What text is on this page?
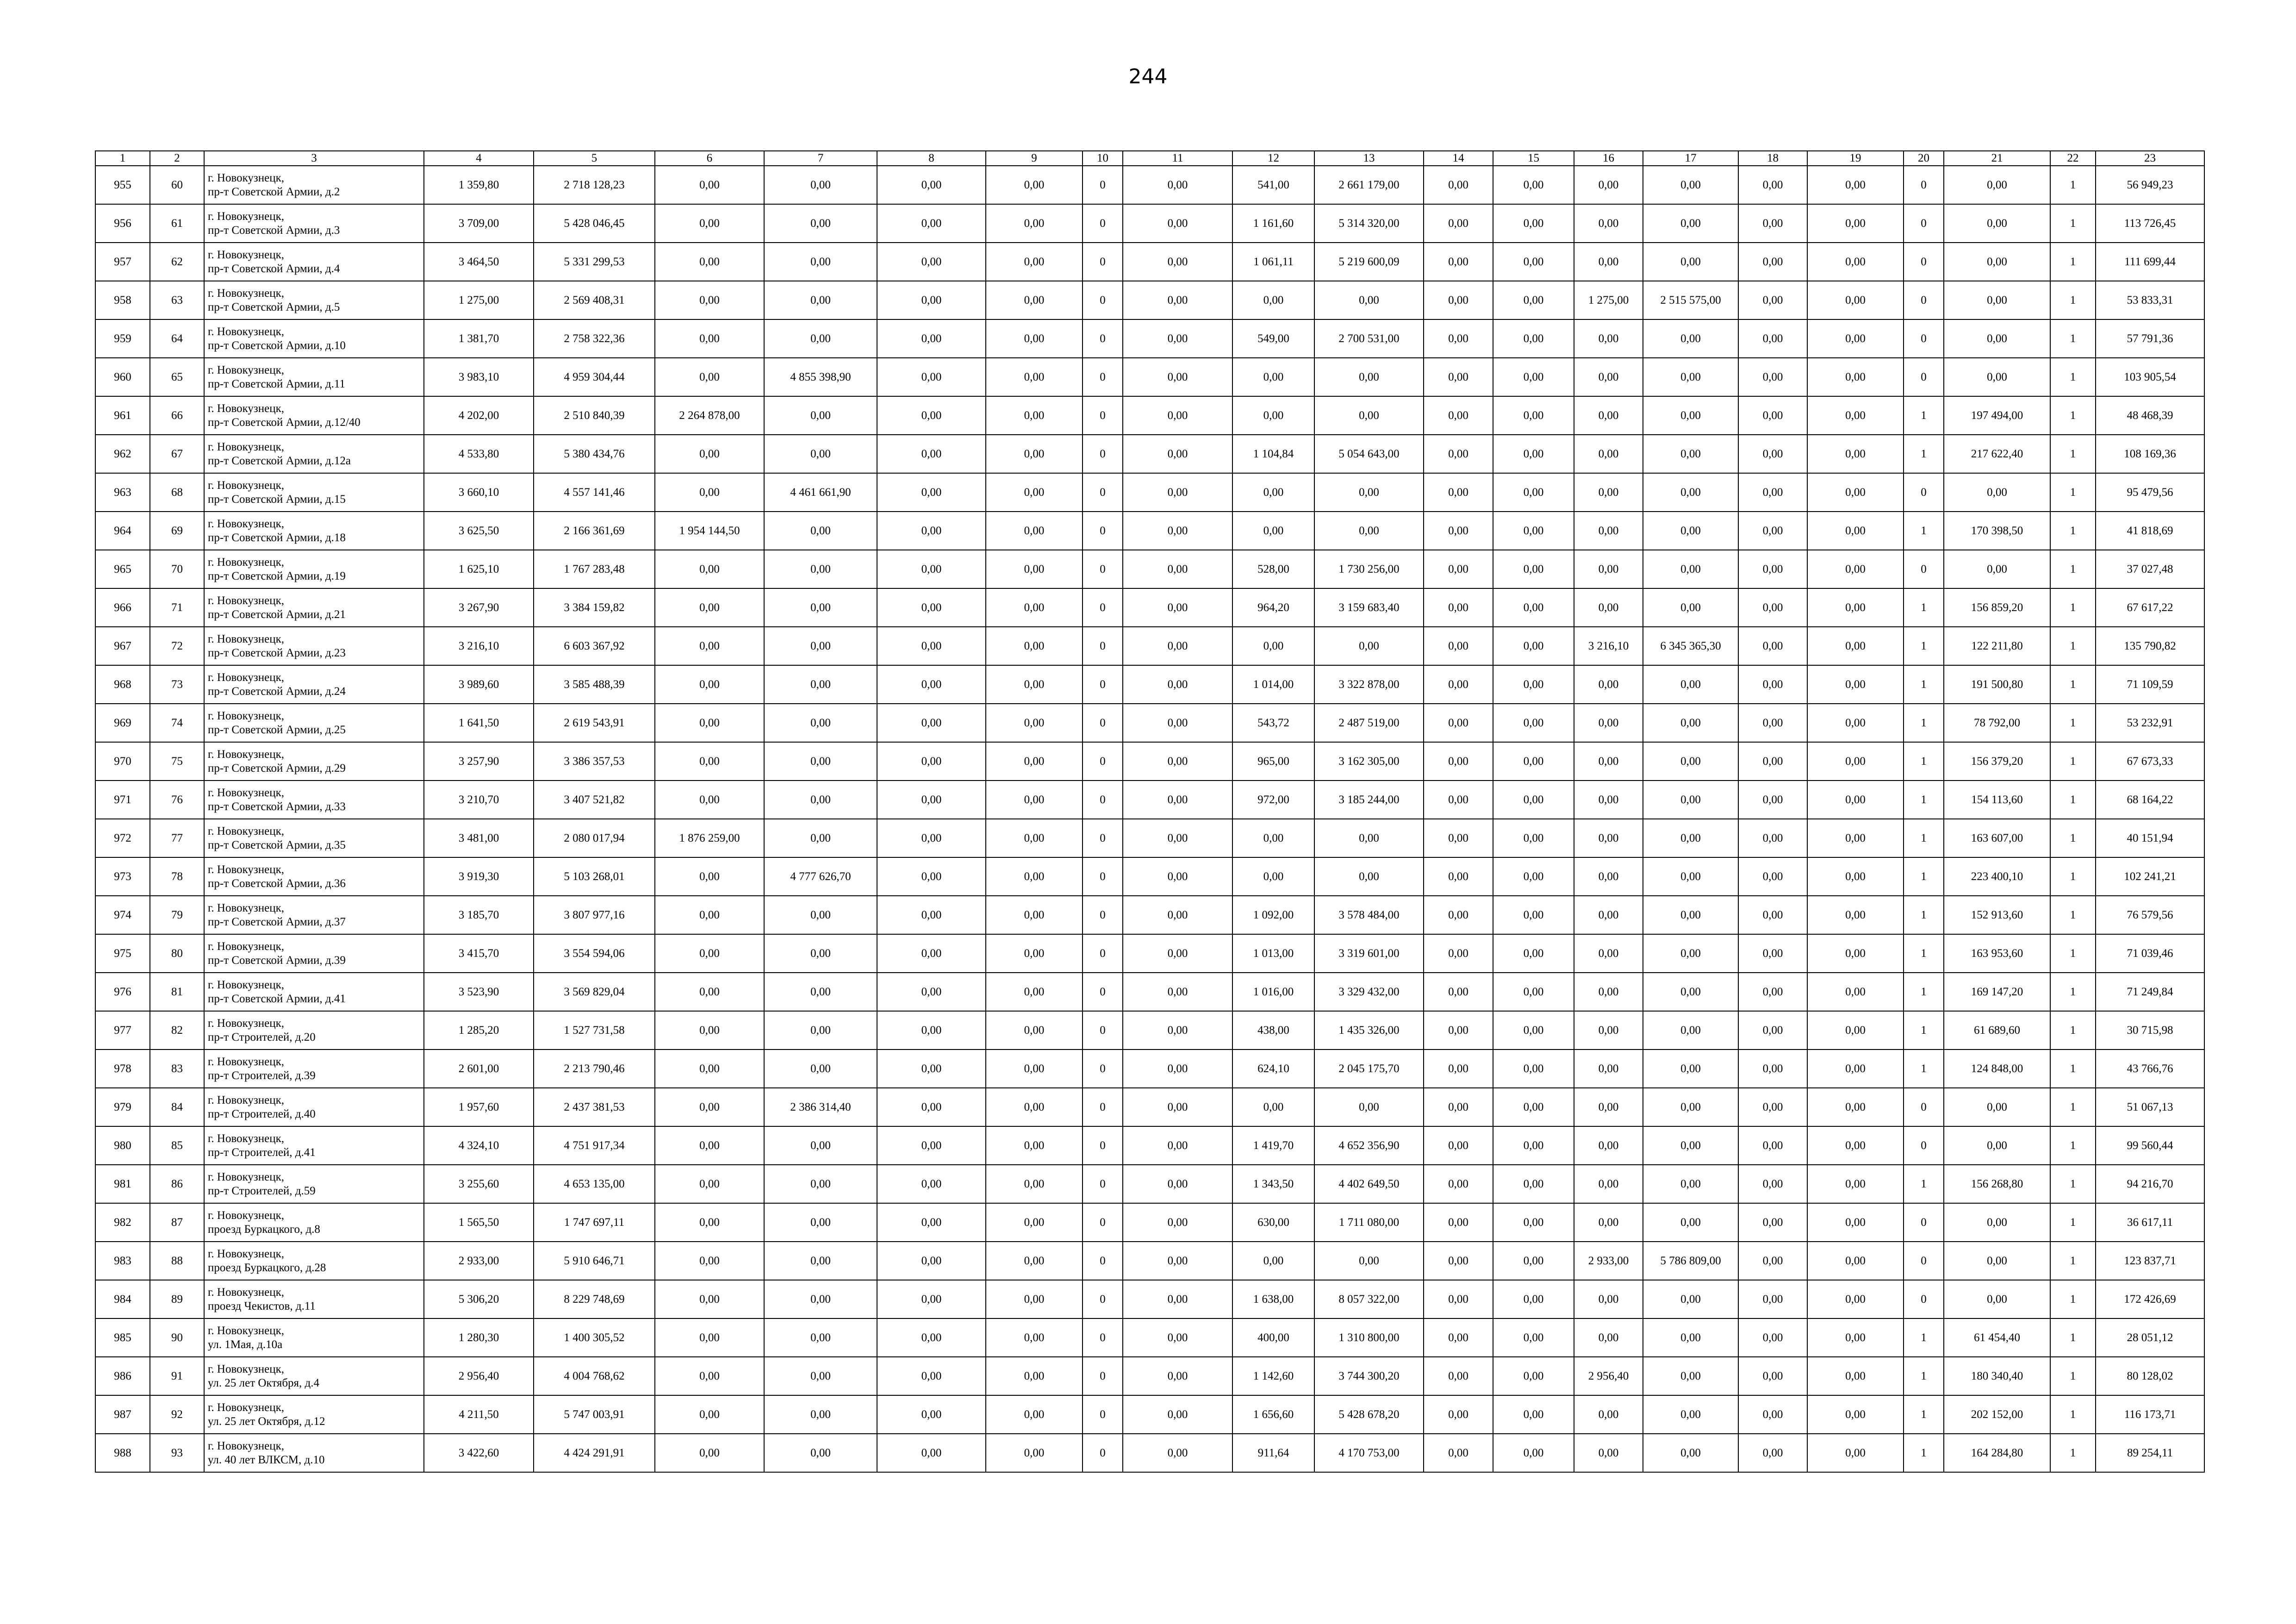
244
1	2	3	4	5	6	7	8	9	10	11	12	13	14	15	16	17	18	19	20	21	22	23
955	60	г. Новокузнецк,
пр-т Советской Армии, д.2	1 359,80	2 718 128,23	0,00	0,00	0,00	0,00	0	0,00	541,00	2 661 179,00	0,00	0,00	0,00	0,00	0,00	0,00	0	0,00	1	56 949,23
956	61	г. Новокузнецк,
пр-т Советской Армии, д.3	3 709,00	5 428 046,45	0,00	0,00	0,00	0,00	0	0,00	1 161,60	5 314 320,00	0,00	0,00	0,00	0,00	0,00	0,00	0	0,00	1	113 726,45
957	62	г. Новокузнецк,
пр-т Советской Армии, д.4	3 464,50	5 331 299,53	0,00	0,00	0,00	0,00	0	0,00	1 061,11	5 219 600,09	0,00	0,00	0,00	0,00	0,00	0,00	0	0,00	1	111 699,44
958	63	г. Новокузнецк,
пр-т Советской Армии, д.5	1 275,00	2 569 408,31	0,00	0,00	0,00	0,00	0	0,00	0,00	0,00	0,00	0,00	1 275,00	2 515 575,00	0,00	0,00	0	0,00	1	53 833,31
959	64	г. Новокузнецк,
пр-т Советской Армии, д.10	1 381,70	2 758 322,36	0,00	0,00	0,00	0,00	0	0,00	549,00	2 700 531,00	0,00	0,00	0,00	0,00	0,00	0,00	0	0,00	1	57 791,36
960	65	г. Новокузнецк,
пр-т Советской Армии, д.11	3 983,10	4 959 304,44	0,00	4 855 398,90	0,00	0,00	0	0,00	0,00	0,00	0,00	0,00	0,00	0,00	0,00	0,00	0	0,00	1	103 905,54
961	66	г. Новокузнецк,
пр-т Советской Армии, д.12/40	4 202,00	2 510 840,39	2 264 878,00	0,00	0,00	0,00	0	0,00	0,00	0,00	0,00	0,00	0,00	0,00	0,00	0,00	1	197 494,00	1	48 468,39
962	67	г. Новокузнецк,
пр-т Советской Армии, д.12а	4 533,80	5 380 434,76	0,00	0,00	0,00	0,00	0	0,00	1 104,84	5 054 643,00	0,00	0,00	0,00	0,00	0,00	0,00	1	217 622,40	1	108 169,36
963	68	г. Новокузнецк,
пр-т Советской Армии, д.15	3 660,10	4 557 141,46	0,00	4 461 661,90	0,00	0,00	0	0,00	0,00	0,00	0,00	0,00	0,00	0,00	0,00	0,00	0	0,00	1	95 479,56
964	69	г. Новокузнецк,
пр-т Советской Армии, д.18	3 625,50	2 166 361,69	1 954 144,50	0,00	0,00	0,00	0	0,00	0,00	0,00	0,00	0,00	0,00	0,00	0,00	0,00	1	170 398,50	1	41 818,69
965	70	г. Новокузнецк,
пр-т Советской Армии, д.19	1 625,10	1 767 283,48	0,00	0,00	0,00	0,00	0	0,00	528,00	1 730 256,00	0,00	0,00	0,00	0,00	0,00	0,00	0	0,00	1	37 027,48
966	71	г. Новокузнецк,
пр-т Советской Армии, д.21	3 267,90	3 384 159,82	0,00	0,00	0,00	0,00	0	0,00	964,20	3 159 683,40	0,00	0,00	0,00	0,00	0,00	0,00	1	156 859,20	1	67 617,22
967	72	г. Новокузнецк,
пр-т Советской Армии, д.23	3 216,10	6 603 367,92	0,00	0,00	0,00	0,00	0	0,00	0,00	0,00	0,00	0,00	3 216,10	6 345 365,30	0,00	0,00	1	122 211,80	1	135 790,82
968	73	г. Новокузнецк,
пр-т Советской Армии, д.24	3 989,60	3 585 488,39	0,00	0,00	0,00	0,00	0	0,00	1 014,00	3 322 878,00	0,00	0,00	0,00	0,00	0,00	0,00	1	191 500,80	1	71 109,59
969	74	г. Новокузнецк,
пр-т Советской Армии, д.25	1 641,50	2 619 543,91	0,00	0,00	0,00	0,00	0	0,00	543,72	2 487 519,00	0,00	0,00	0,00	0,00	0,00	0,00	1	78 792,00	1	53 232,91
970	75	г. Новокузнецк,
пр-т Советской Армии, д.29	3 257,90	3 386 357,53	0,00	0,00	0,00	0,00	0	0,00	965,00	3 162 305,00	0,00	0,00	0,00	0,00	0,00	0,00	1	156 379,20	1	67 673,33
971	76	г. Новокузнецк,
пр-т Советской Армии, д.33	3 210,70	3 407 521,82	0,00	0,00	0,00	0,00	0	0,00	972,00	3 185 244,00	0,00	0,00	0,00	0,00	0,00	0,00	1	154 113,60	1	68 164,22
972	77	г. Новокузнецк,
пр-т Советской Армии, д.35	3 481,00	2 080 017,94	1 876 259,00	0,00	0,00	0,00	0	0,00	0,00	0,00	0,00	0,00	0,00	0,00	0,00	0,00	1	163 607,00	1	40 151,94
973	78	г. Новокузнецк,
пр-т Советской Армии, д.36	3 919,30	5 103 268,01	0,00	4 777 626,70	0,00	0,00	0	0,00	0,00	0,00	0,00	0,00	0,00	0,00	0,00	0,00	1	223 400,10	1	102 241,21
974	79	г. Новокузнецк,
пр-т Советской Армии, д.37	3 185,70	3 807 977,16	0,00	0,00	0,00	0,00	0	0,00	1 092,00	3 578 484,00	0,00	0,00	0,00	0,00	0,00	0,00	1	152 913,60	1	76 579,56
975	80	г. Новокузнецк,
пр-т Советской Армии, д.39	3 415,70	3 554 594,06	0,00	0,00	0,00	0,00	0	0,00	1 013,00	3 319 601,00	0,00	0,00	0,00	0,00	0,00	0,00	1	163 953,60	1	71 039,46
976	81	г. Новокузнецк,
пр-т Советской Армии, д.41	3 523,90	3 569 829,04	0,00	0,00	0,00	0,00	0	0,00	1 016,00	3 329 432,00	0,00	0,00	0,00	0,00	0,00	0,00	1	169 147,20	1	71 249,84
977	82	г. Новокузнецк,
пр-т Строителей, д.20	1 285,20	1 527 731,58	0,00	0,00	0,00	0,00	0	0,00	438,00	1 435 326,00	0,00	0,00	0,00	0,00	0,00	0,00	1	61 689,60	1	30 715,98
978	83	г. Новокузнецк,
пр-т Строителей, д.39	2 601,00	2 213 790,46	0,00	0,00	0,00	0,00	0	0,00	624,10	2 045 175,70	0,00	0,00	0,00	0,00	0,00	0,00	1	124 848,00	1	43 766,76
979	84	г. Новокузнецк,
пр-т Строителей, д.40	1 957,60	2 437 381,53	0,00	2 386 314,40	0,00	0,00	0	0,00	0,00	0,00	0,00	0,00	0,00	0,00	0,00	0,00	0	0,00	1	51 067,13
980	85	г. Новокузнецк,
пр-т Строителей, д.41	4 324,10	4 751 917,34	0,00	0,00	0,00	0,00	0	0,00	1 419,70	4 652 356,90	0,00	0,00	0,00	0,00	0,00	0,00	0	0,00	1	99 560,44
981	86	г. Новокузнецк,
пр-т Строителей, д.59	3 255,60	4 653 135,00	0,00	0,00	0,00	0,00	0	0,00	1 343,50	4 402 649,50	0,00	0,00	0,00	0,00	0,00	0,00	1	156 268,80	1	94 216,70
982	87	г. Новокузнецк,
проезд Буркацкого, д.8	1 565,50	1 747 697,11	0,00	0,00	0,00	0,00	0	0,00	630,00	1 711 080,00	0,00	0,00	0,00	0,00	0,00	0,00	0	0,00	1	36 617,11
983	88	г. Новокузнецк,
проезд Буркацкого, д.28	2 933,00	5 910 646,71	0,00	0,00	0,00	0,00	0	0,00	0,00	0,00	0,00	0,00	2 933,00	5 786 809,00	0,00	0,00	0	0,00	1	123 837,71
984	89	г. Новокузнецк,
проезд Чекистов, д.11	5 306,20	8 229 748,69	0,00	0,00	0,00	0,00	0	0,00	1 638,00	8 057 322,00	0,00	0,00	0,00	0,00	0,00	0,00	0	0,00	1	172 426,69
985	90	г. Новокузнецк,
ул. 1Мая, д.10а	1 280,30	1 400 305,52	0,00	0,00	0,00	0,00	0	0,00	400,00	1 310 800,00	0,00	0,00	0,00	0,00	0,00	0,00	1	61 454,40	1	28 051,12
986	91	г. Новокузнецк,
ул. 25 лет Октября, д.4	2 956,40	4 004 768,62	0,00	0,00	0,00	0,00	0	0,00	1 142,60	3 744 300,20	0,00	0,00	2 956,40	0,00	0,00	0,00	1	180 340,40	1	80 128,02
987	92	г. Новокузнецк,
ул. 25 лет Октября, д.12	4 211,50	5 747 003,91	0,00	0,00	0,00	0,00	0	0,00	1 656,60	5 428 678,20	0,00	0,00	0,00	0,00	0,00	0,00	1	202 152,00	1	116 173,71
988	93	г. Новокузнецк,
ул. 40 лет ВЛКСМ, д.10	3 422,60	4 424 291,91	0,00	0,00	0,00	0,00	0	0,00	911,64	4 170 753,00	0,00	0,00	0,00	0,00	0,00	0,00	1	164 284,80	1	89 254,11
